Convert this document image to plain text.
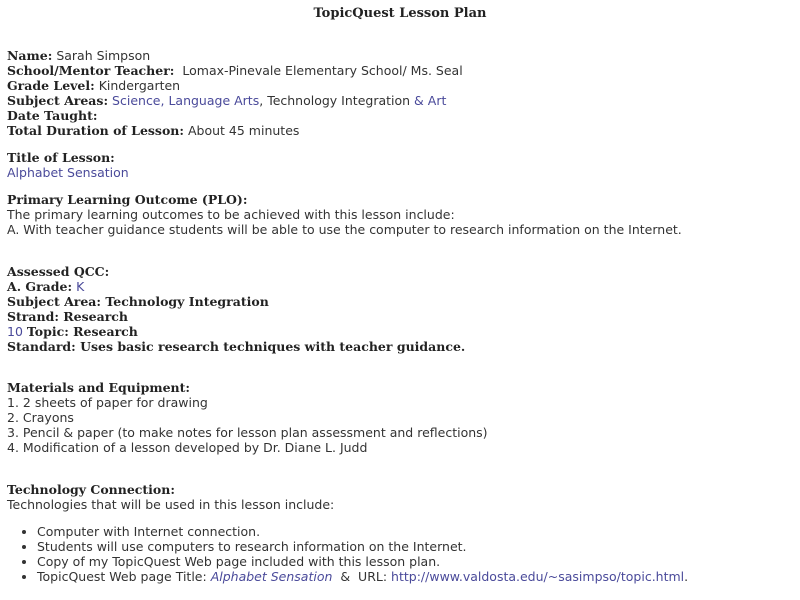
TopicQuest Lesson Plan
Name: Sarah Simpson
School/Mentor Teacher: Lomax-Pinevale Elementary School/ Ms. Seal
Grade Level: Kindergarten
Subject Areas: Science, Language Arts, Technology Integration & Art
Date Taught:
Total Duration of Lesson: About 45 minutes
Title of Lesson:
Alphabet Sensation
Primary Learning Outcome (PLO):
The primary learning outcomes to be achieved with this lesson include:
A. With teacher guidance students will be able to use the computer to research information on the Internet.
Assessed QCC:
A. Grade: K
Subject Area: Technology Integration
Strand: Research
10 Topic: Research
Standard: Uses basic research techniques with teacher guidance.
Materials and Equipment:
1. 2 sheets of paper for drawing
2. Crayons
3. Pencil & paper (to make notes for lesson plan assessment and reflections)
4. Modification of a lesson developed by Dr. Diane L. Judd
Technology Connection:
Technologies that will be used in this lesson include:
• Computer with Internet connection.
• Students will use computers to research information on the Internet.
• Copy of my TopicQuest Web page included with this lesson plan.
• TopicQuest Web page Title: Alphabet Sensation  &  URL: http://www.valdosta.edu/~sasimpso/topic.html.
